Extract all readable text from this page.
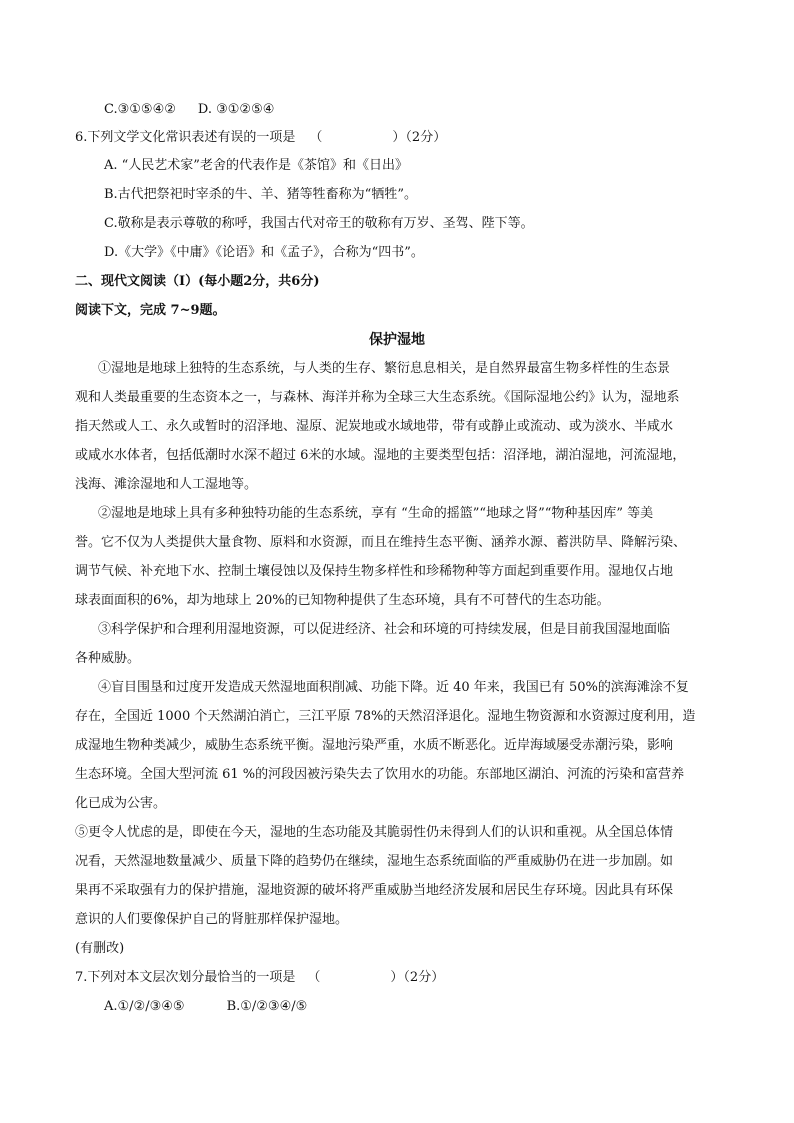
C.③①⑤④② D. ③①②⑤④
6.下列文学文化常识表述有误的一项是 （	）（2分）
A. “人民艺术家”老舍的代表作是《茶馆》和《日出》
B.古代把祭祀时宰杀的牛、羊、猪等牲畜称为“牺牲”。
C.敬称是表示尊敬的称呼，我国古代对帝王的敬称有万岁、圣驾、陛下等。
D.《大学》《中庸》《论语》和《孟子》，合称为“四书”。
二、现代文阅读（Ⅰ）(每小题2分，共6分)
阅读下文，完成 7~9题。
保护湿地
①湿地是地球上独特的生态系统，与人类的生存、繁衍息息相关，是自然界最富生物多样性的生态景
观和人类最重要的生态资本之一，与森林、海洋并称为全球三大生态系统。《国际湿地公约》认为，湿地系
指天然或人工、永久或暂时的沼泽地、湿原、泥炭地或水域地带，带有或静止或流动、或为淡水、半咸水
或咸水水体者，包括低潮时水深不超过 6米的水域。湿地的主要类型包括：沼泽地，湖泊湿地，河流湿地，
浅海、滩涂湿地和人工湿地等。
②湿地是地球上具有多种独特功能的生态系统，享有 “生命的摇篮”“地球之肾”“物种基因库” 等美
誉。它不仅为人类提供大量食物、原料和水资源，而且在维持生态平衡、涵养水源、蓄洪防旱、降解污染、
调节气候、补充地下水、控制土壤侵蚀以及保持生物多样性和珍稀物种等方面起到重要作用。湿地仅占地
球表面面积的6%，却为地球上 20%的已知物种提供了生态环境，具有不可替代的生态功能。
③科学保护和合理利用湿地资源，可以促进经济、社会和环境的可持续发展，但是目前我国湿地面临
各种威胁。
④盲目围垦和过度开发造成天然湿地面积削减、功能下降。近 40 年来，我国已有 50%的滨海滩涂不复
存在，全国近 1000 个天然湖泊消亡，三江平原 78%的天然沼泽退化。湿地生物资源和水资源过度利用，造
成湿地生物种类减少，威胁生态系统平衡。湿地污染严重，水质不断恶化。近岸海域屡受赤潮污染，影响
生态环境。全国大型河流 61 %的河段因被污染失去了饮用水的功能。东部地区湖泊、河流的污染和富营养
化已成为公害。
⑤更令人忧虑的是，即使在今天，湿地的生态功能及其脆弱性仍未得到人们的认识和重视。从全国总体情
况看，天然湿地数量减少、质量下降的趋势仍在继续，湿地生态系统面临的严重威胁仍在进一步加剧。如
果再不采取强有力的保护措施，湿地资源的破坏将严重威胁当地经济发展和居民生存环境。因此具有环保
意识的人们要像保护自己的肾脏那样保护湿地。
(有删改)
7.下列对本文层次划分最恰当的一项是 （	）（2分）
A.①/②/③④⑤	B.①/②③④/⑤
